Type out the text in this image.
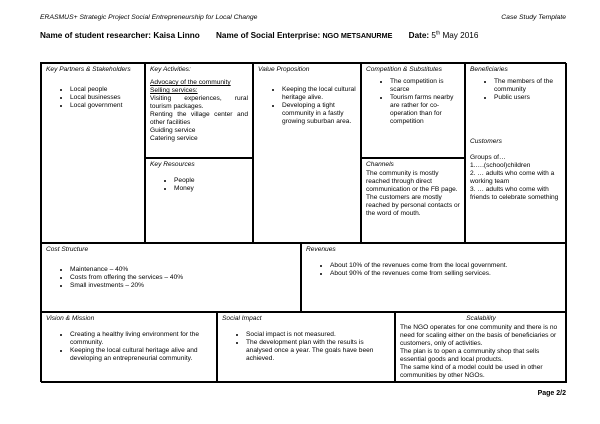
ERASMUS+ Strategic Project Social Entrepreneurship for Local Change	Case Study Template
Name of student researcher: Kaisa Linno Name of Social Enterprise: NGO METSANURME Date: 5th May 2016
Key Partners & Stakeholders
• Local people
• Local businesses
• Local government
Key Activities:
Advocacy of the community
Selling services:
Visiting experiences, rural tourism packages.
Renting the village center and other facilities
Guiding service
Catering service
Key Resources
• People
• Money
Value Proposition
• Keeping the local cultural heritage alive.
• Developing a tight community in a fastly growing suburban area.
Competition & Substitutes
• The competition is scarce
• Tourism farms nearby are rather for co-operation than for competition
Channels
The community is mostly reached through direct communication or the FB page.
The customers are mostly reached by personal contacts or the word of mouth.
Beneficiaries
• The members of the community
• Public users
Customers
Groups of…
1.….(school)children
2. … adults who come with a working team
3. … adults who come with friends to celebrate something
Cost Structure
• Maintenance – 40%
• Costs from offering the services – 40%
• Small investments – 20%
Revenues
• About 10% of the revenues come from the local government.
• About 90% of the revenues come from selling services.
Vision & Mission
• Creating a healthy living environment for the community.
• Keeping the local cultural heritage alive and developing an entrepreneurial community.
Social Impact
• Social impact is not measured.
• The development plan with the results is analysed once a year. The goals have been achieved.
Scalability
The NGO operates for one community and there is no need for scaling either on the basis of beneficiaries or customers, only of activities.
The plan is to open a community shop that sells essential goods and local products.
The same kind of a model could be used in other communities by other NGOs.
Page 2/2
